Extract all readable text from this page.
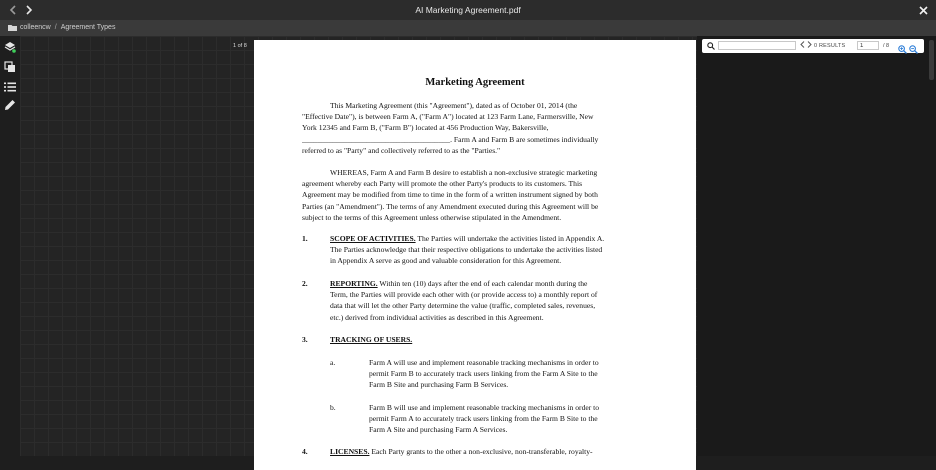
AI Marketing Agreement.pdf
colleencw / Agreement Types
1 of 8
Marketing Agreement
This Marketing Agreement (this "Agreement"), dated as of October 01, 2014 (the
"Effective Date"), is between Farm A, ("Farm A") located at 123 Farm Lane, Farmersville, New
York 12345 and Farm B, ("Farm B") located at 456 Production Way, Bakersville,
_______________________________________. Farm A and Farm B are sometimes individually
referred to as "Party" and collectively referred to as the "Parties."
WHEREAS, Farm A and Farm B desire to establish a non-exclusive strategic marketing
agreement whereby each Party will promote the other Party's products to its customers. This
Agreement may be modified from time to time in the form of a written instrument signed by both
Parties (an "Amendment"). The terms of any Amendment executed during this Agreement will be
subject to the terms of this Agreement unless otherwise stipulated in the Amendment.
1.	SCOPE OF ACTIVITIES. The Parties will undertake the activities listed in Appendix A.
The Parties acknowledge that their respective obligations to undertake the activities listed
in Appendix A serve as good and valuable consideration for this Agreement.
2.	REPORTING. Within ten (10) days after the end of each calendar month during the
Term, the Parties will provide each other with (or provide access to) a monthly report of
data that will let the other Party determine the value (traffic, completed sales, revenues,
etc.) derived from individual activities as described in this Agreement.
3.	TRACKING OF USERS.
a.	Farm A will use and implement reasonable tracking mechanisms in order to
permit Farm B to accurately track users linking from the Farm A Site to the
Farm B Site and purchasing Farm B Services.
b.	Farm B will use and implement reasonable tracking mechanisms in order to
permit Farm A to accurately track users linking from the Farm B Site to the
Farm A Site and purchasing Farm A Services.
4.	LICENSES. Each Party grants to the other a non-exclusive, non-transferable, royalty-

0 RESULTS
1	/ 8
